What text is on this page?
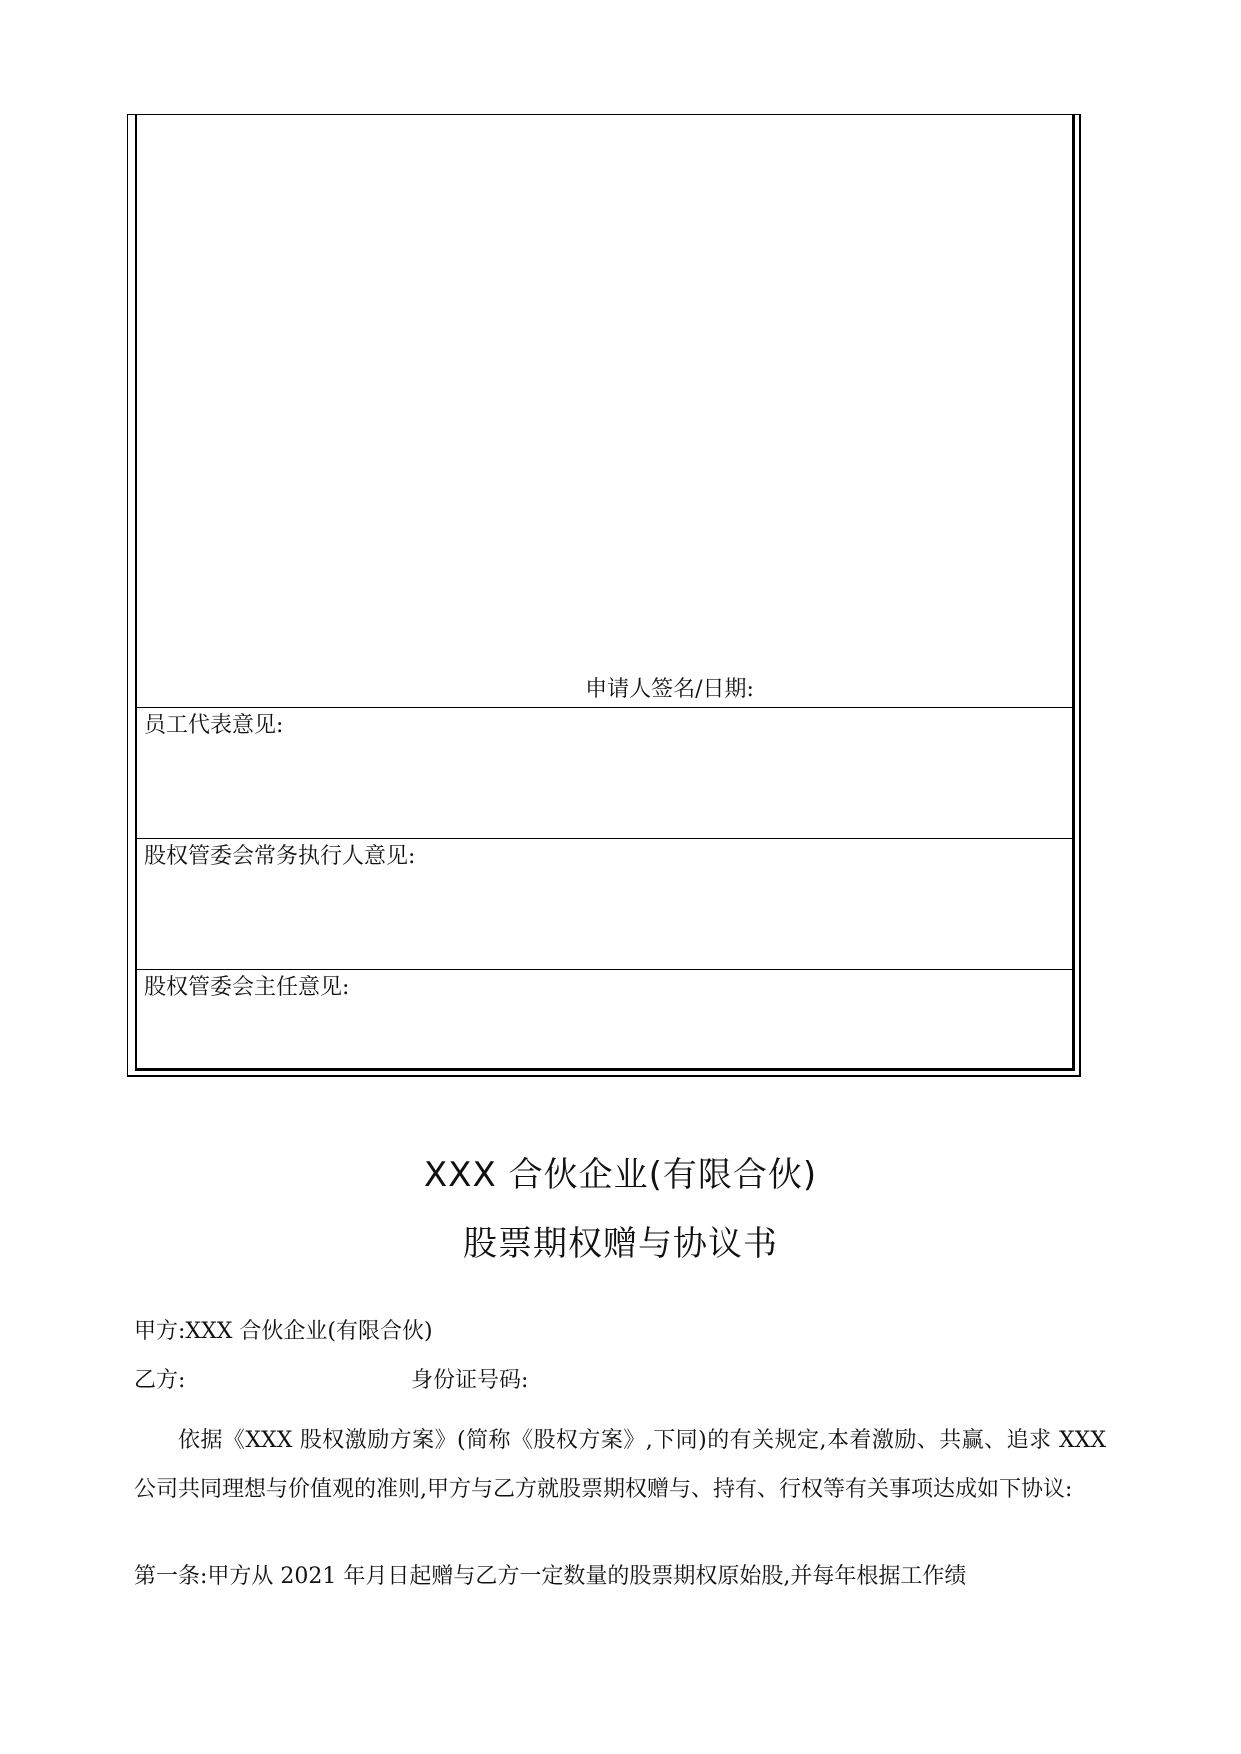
申请人签名/日期:
员工代表意见:
股权管委会常务执行人意见:
股权管委会主任意见:
XXX 合伙企业(有限合伙)
股票期权赠与协议书
甲方:XXX 合伙企业(有限合伙)
乙方:	身份证号码:
依据《XXX 股权激励方案》(简称《股权方案》,下同)的有关规定,本着激励、共赢、追求 XXX 公司共同理想与价值观的准则,甲方与乙方就股票期权赠与、持有、行权等有关事项达成如下协议:
第一条:甲方从 2021 年月日起赠与乙方一定数量的股票期权原始股,并每年根据工作绩
